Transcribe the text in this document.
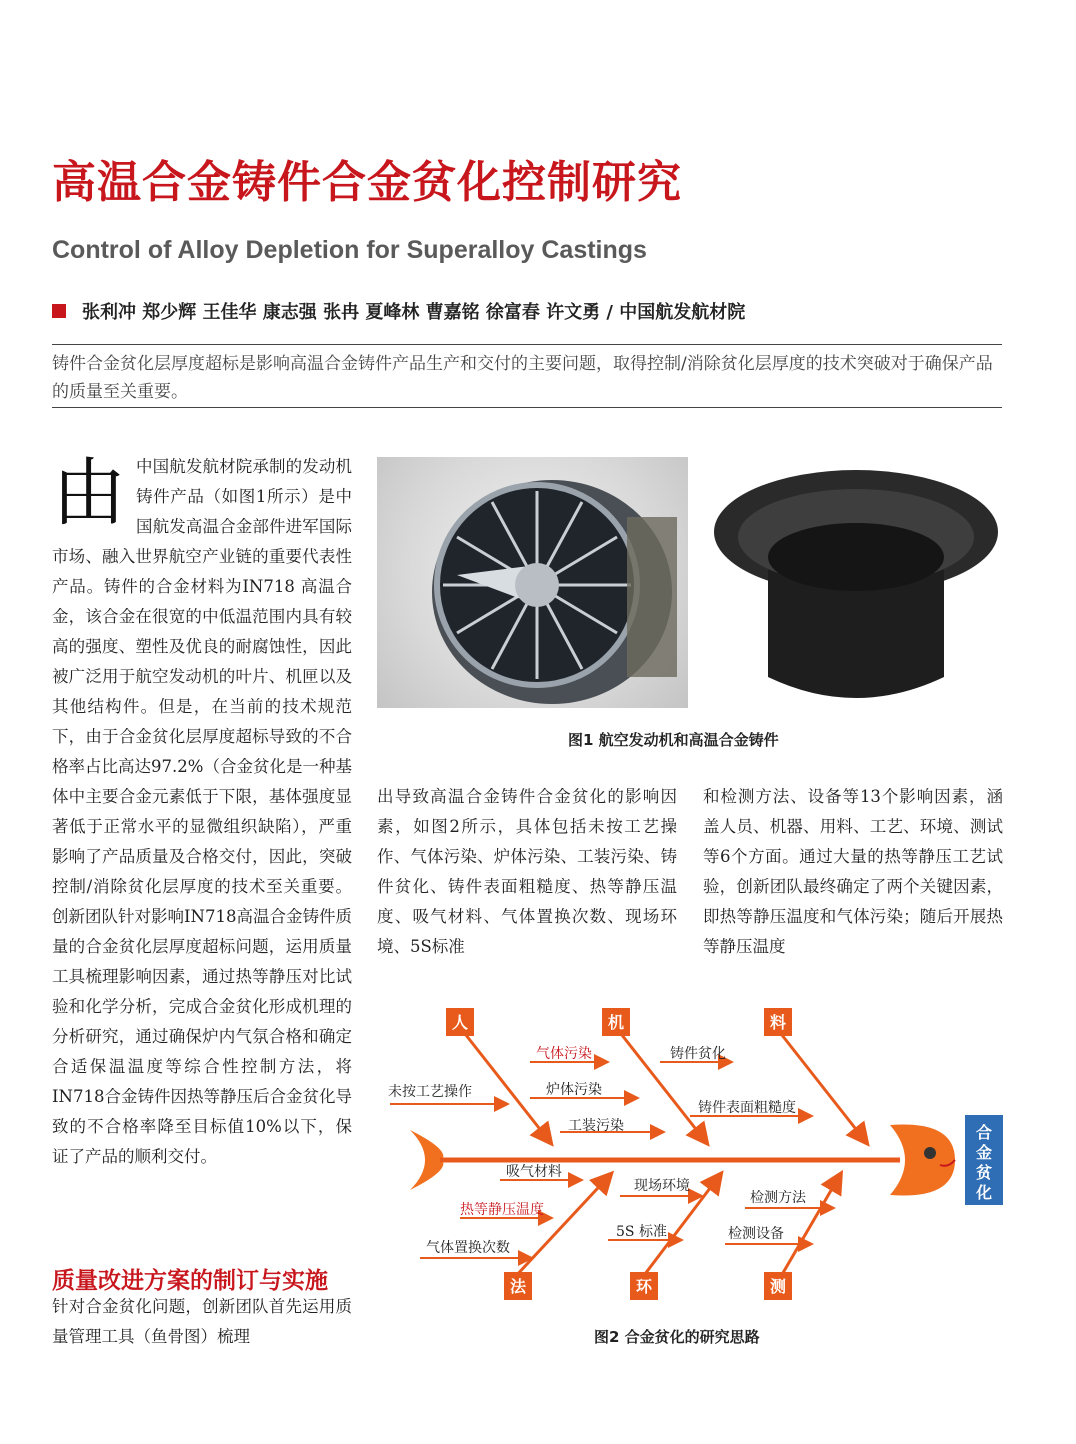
高温合金铸件合金贫化控制研究
Control of Alloy Depletion for Superalloy Castings
张利冲 郑少辉 王佳华 康志强 张冉 夏峰林 曹嘉铭 徐富春 许文勇 / 中国航发航材院
铸件合金贫化层厚度超标是影响高温合金铸件产品生产和交付的主要问题，取得控制/消除贫化层厚度的技术突破对于确保产品的质量至关重要。

由中国航发航材院承制的发动机铸件产品（如图1所示）是中国航发高温合金部件进军国际市场、融入世界航空产业链的重要代表性产品。铸件的合金材料为IN718 高温合金，该合金在很宽的中低温范围内具有较高的强度、塑性及优良的耐腐蚀性，因此被广泛用于航空发动机的叶片、机匣以及其他结构件。但是，在当前的技术规范下，由于合金贫化层厚度超标导致的不合格率占比高达97.2%（合金贫化是一种基体中主要合金元素低于下限，基体强度显著低于正常水平的显微组织缺陷），严重影响了产品质量及合格交付，因此，突破控制/消除贫化层厚度的技术至关重要。创新团队针对影响IN718高温合金铸件质量的合金贫化层厚度超标问题，运用质量工具梳理影响因素，通过热等静压对比试验和化学分析，完成合金贫化形成机理的分析研究，通过确保炉内气氛合格和确定合适保温温度等综合性控制方法，将IN718合金铸件因热等静压后合金贫化导致的不合格率降至目标值10%以下，保证了产品的顺利交付。

质量改进方案的制订与实施

针对合金贫化问题，创新团队首先运用质量管理工具（鱼骨图）梳理

图1 航空发动机和高温合金铸件

出导致高温合金铸件合金贫化的影响因素，如图2所示，具体包括未按工艺操作、气体污染、炉体污染、工装污染、铸件贫化、铸件表面粗糙度、热等静压温度、吸气材料、气体置换次数、现场环境、5S标准

和检测方法、设备等13个影响因素，涵盖人员、机器、用料、工艺、环境、测试等6个方面。通过大量的热等静压工艺试验，创新团队最终确定了两个关键因素，即热等静压温度和气体污染；随后开展热等静压温度

合
金
贫
化
人	机	料
法	环	测
未按工艺操作
气体污染
炉体污染
工装污染
铸件贫化
铸件表面粗糙度
吸气材料
热等静压温度
气体置换次数
现场环境
5S 标准
检测方法
检测设备
图2 合金贫化的研究思路
